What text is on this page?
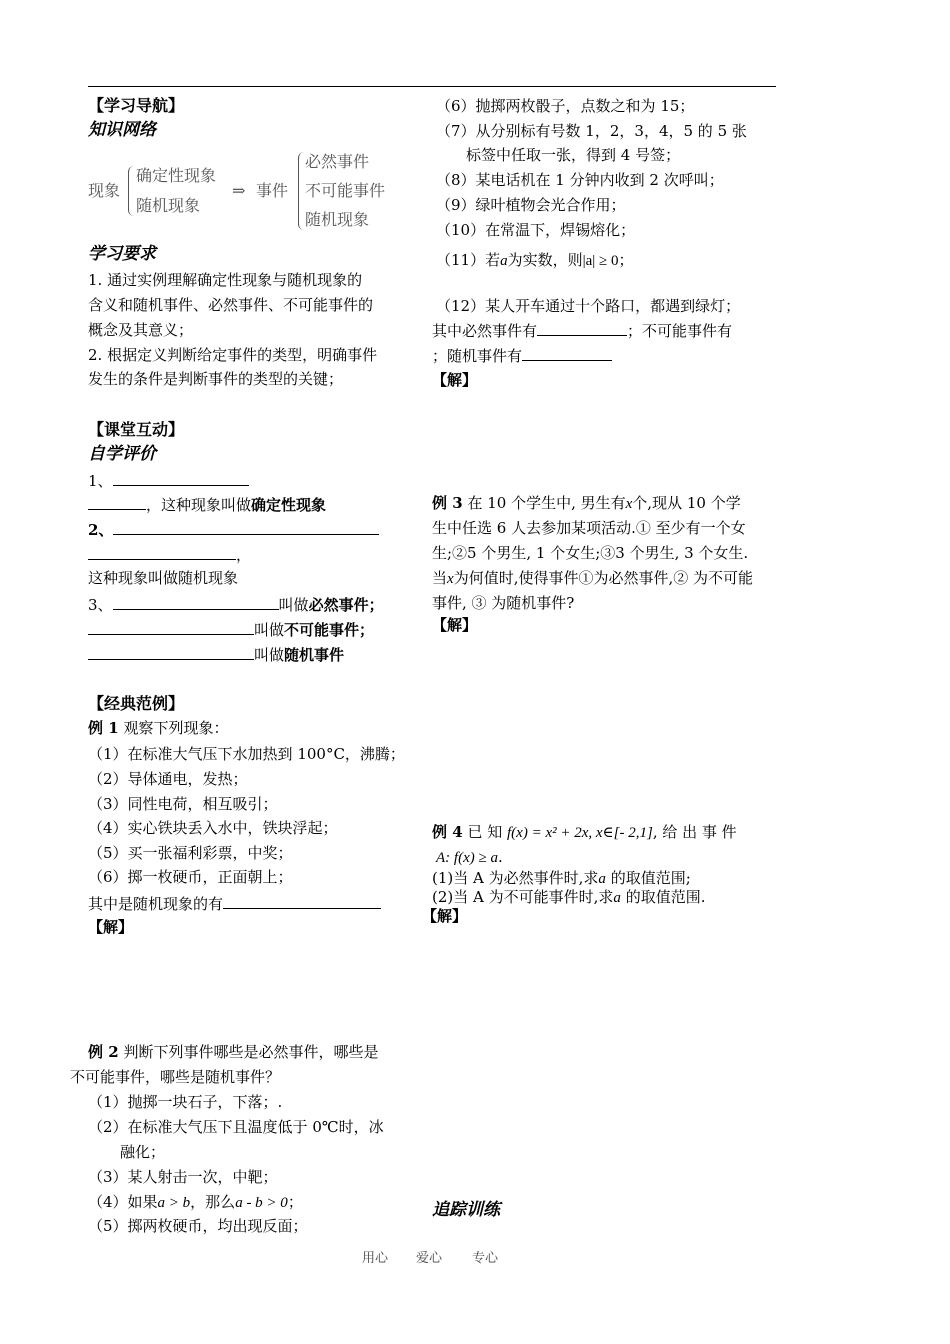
【学习导航】
知识网络
现象
确定性现象
随机现象
⇒ 事件
必然事件
不可能事件
随机现象
学习要求
1. 通过实例理解确定性现象与随机现象的
含义和随机事件、必然事件、不可能事件的
概念及其意义；
2. 根据定义判断给定事件的类型，明确事件
发生的条件是判断事件的类型的关键；
【课堂互动】
自学评价
1、
，这种现象叫做确定性现象
2、
，
这种现象叫做随机现象
3、	叫做必然事件；
叫做不可能事件；
叫做随机事件
【经典范例】
例 1 观察下列现象：
（1）在标准大气压下水加热到 100°C，沸腾；
（2）导体通电，发热；
（3）同性电荷，相互吸引；
（4）实心铁块丢入水中，铁块浮起；
（5）买一张福利彩票，中奖；
（6）掷一枚硬币，正面朝上；
其中是随机现象的有
【解】
例 2 判断下列事件哪些是必然事件，哪些是
不可能事件，哪些是随机事件？
（1）抛掷一块石子，下落；.
（2）在标准大气压下且温度低于 0℃时，冰
融化；
（3）某人射击一次，中靶；
（4）如果a > b，那么a - b > 0；
（5）掷两枚硬币，均出现反面；
（6）抛掷两枚骰子，点数之和为 15；
（7）从分别标有号数 1，2，3，4，5 的 5 张
标签中任取一张，得到 4 号签；
（8）某电话机在 1 分钟内收到 2 次呼叫；
（9）绿叶植物会光合作用；
（10）在常温下，焊锡熔化；
（11）若a为实数，则|a| ≥ 0；
（12）某人开车通过十个路口，都遇到绿灯；
其中必然事件有	；不可能事件有
；随机事件有
【解】
例 3 在 10 个学生中, 男生有x个,现从 10 个学
生中任选 6 人去参加某项活动.① 至少有一个女
生;②5 个男生, 1 个女生;③3 个男生, 3 个女生.
当x为何值时,使得事件①为必然事件,② 为不可能
事件, ③ 为随机事件?
【解】
例 4 已 知 f(x) = x² + 2x, x∈[- 2,1], 给 出 事 件
A: f(x) ≥ a.
(1)当 A 为必然事件时,求a 的取值范围;
(2)当 A 为不可能事件时,求a 的取值范围.
【解】
追踪训练
用心 爱心 专心
